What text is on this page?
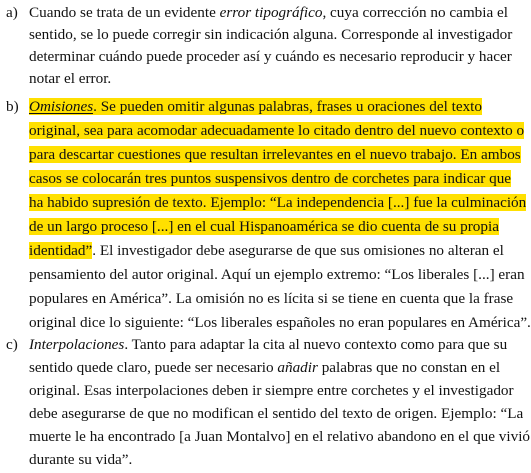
a) Cuando se trata de un evidente error tipográfico, cuya corrección no cambia el
sentido, se lo puede corregir sin indicación alguna. Corresponde al investigador
determinar cuándo puede proceder así y cuándo es necesario reproducir y hacer
notar el error.
b) Omisiones. Se pueden omitir algunas palabras, frases u oraciones del texto
original, sea para acomodar adecuadamente lo citado dentro del nuevo contexto o
para descartar cuestiones que resultan irrelevantes en el nuevo trabajo. En ambos
casos se colocarán tres puntos suspensivos dentro de corchetes para indicar que
ha habido supresión de texto. Ejemplo: “La independencia [...] fue la culminación
de un largo proceso [...] en el cual Hispanoamérica se dio cuenta de su propia
identidad”. El investigador debe asegurarse de que sus omisiones no alteran el
pensamiento del autor original. Aquí un ejemplo extremo: “Los liberales [...] eran
populares en América”. La omisión no es lícita si se tiene en cuenta que la frase
original dice lo siguiente: “Los liberales españoles no eran populares en América”.
c) Interpolaciones. Tanto para adaptar la cita al nuevo contexto como para que su
sentido quede claro, puede ser necesario añadir palabras que no constan en el
original. Esas interpolaciones deben ir siempre entre corchetes y el investigador
debe asegurarse de que no modifican el sentido del texto de origen. Ejemplo: “La
muerte le ha encontrado [a Juan Montalvo] en el relativo abandono en el que vivió
durante su vida”.
